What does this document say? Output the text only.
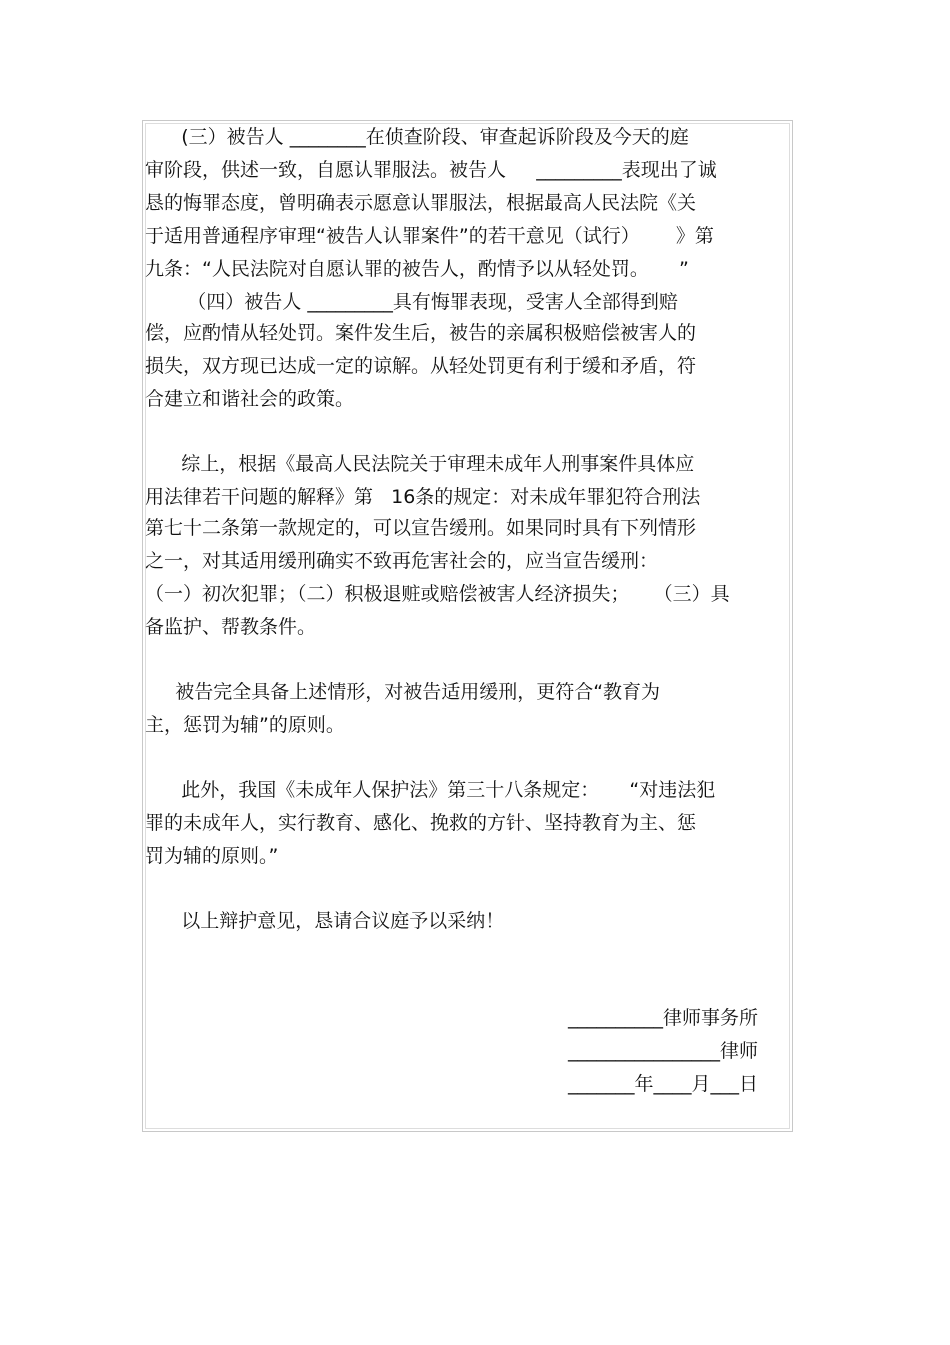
(三）被告人 ________在侦查阶段、审查起诉阶段及今天的庭
审阶段，供述一致，自愿认罪服法。被告人     _________表现出了诚
恳的悔罪态度，曾明确表示愿意认罪服法，根据最高人民法院《关
于适用普通程序审理“被告人认罪案件”的若干意见（试行）      》第
九条：“人民法院对自愿认罪的被告人，酌情予以从轻处罚。     ”
（四）被告人 _________具有悔罪表现，受害人全部得到赔
偿，应酌情从轻处罚。案件发生后，被告的亲属积极赔偿被害人的
损失，双方现已达成一定的谅解。从轻处罚更有利于缓和矛盾，符
合建立和谐社会的政策。
综上，根据《最高人民法院关于审理未成年人刑事案件具体应
用法律若干问题的解释》第   16条的规定：对未成年罪犯符合刑法
第七十二条第一款规定的，可以宣告缓刑。如果同时具有下列情形
之一，对其适用缓刑确实不致再危害社会的，应当宣告缓刑：
（一）初次犯罪；（二）积极退赃或赔偿被害人经济损失；    （三）具
备监护、帮教条件。
被告完全具备上述情形，对被告适用缓刑，更符合“教育为
主，惩罚为辅”的原则。
此外，我国《未成年人保护法》第三十八条规定：     “对违法犯
罪的未成年人，实行教育、感化、挽救的方针、坚持教育为主、惩
罚为辅的原则。”
以上辩护意见，恳请合议庭予以采纳！
__________律师事务所
________________律师
_______年____月___日
